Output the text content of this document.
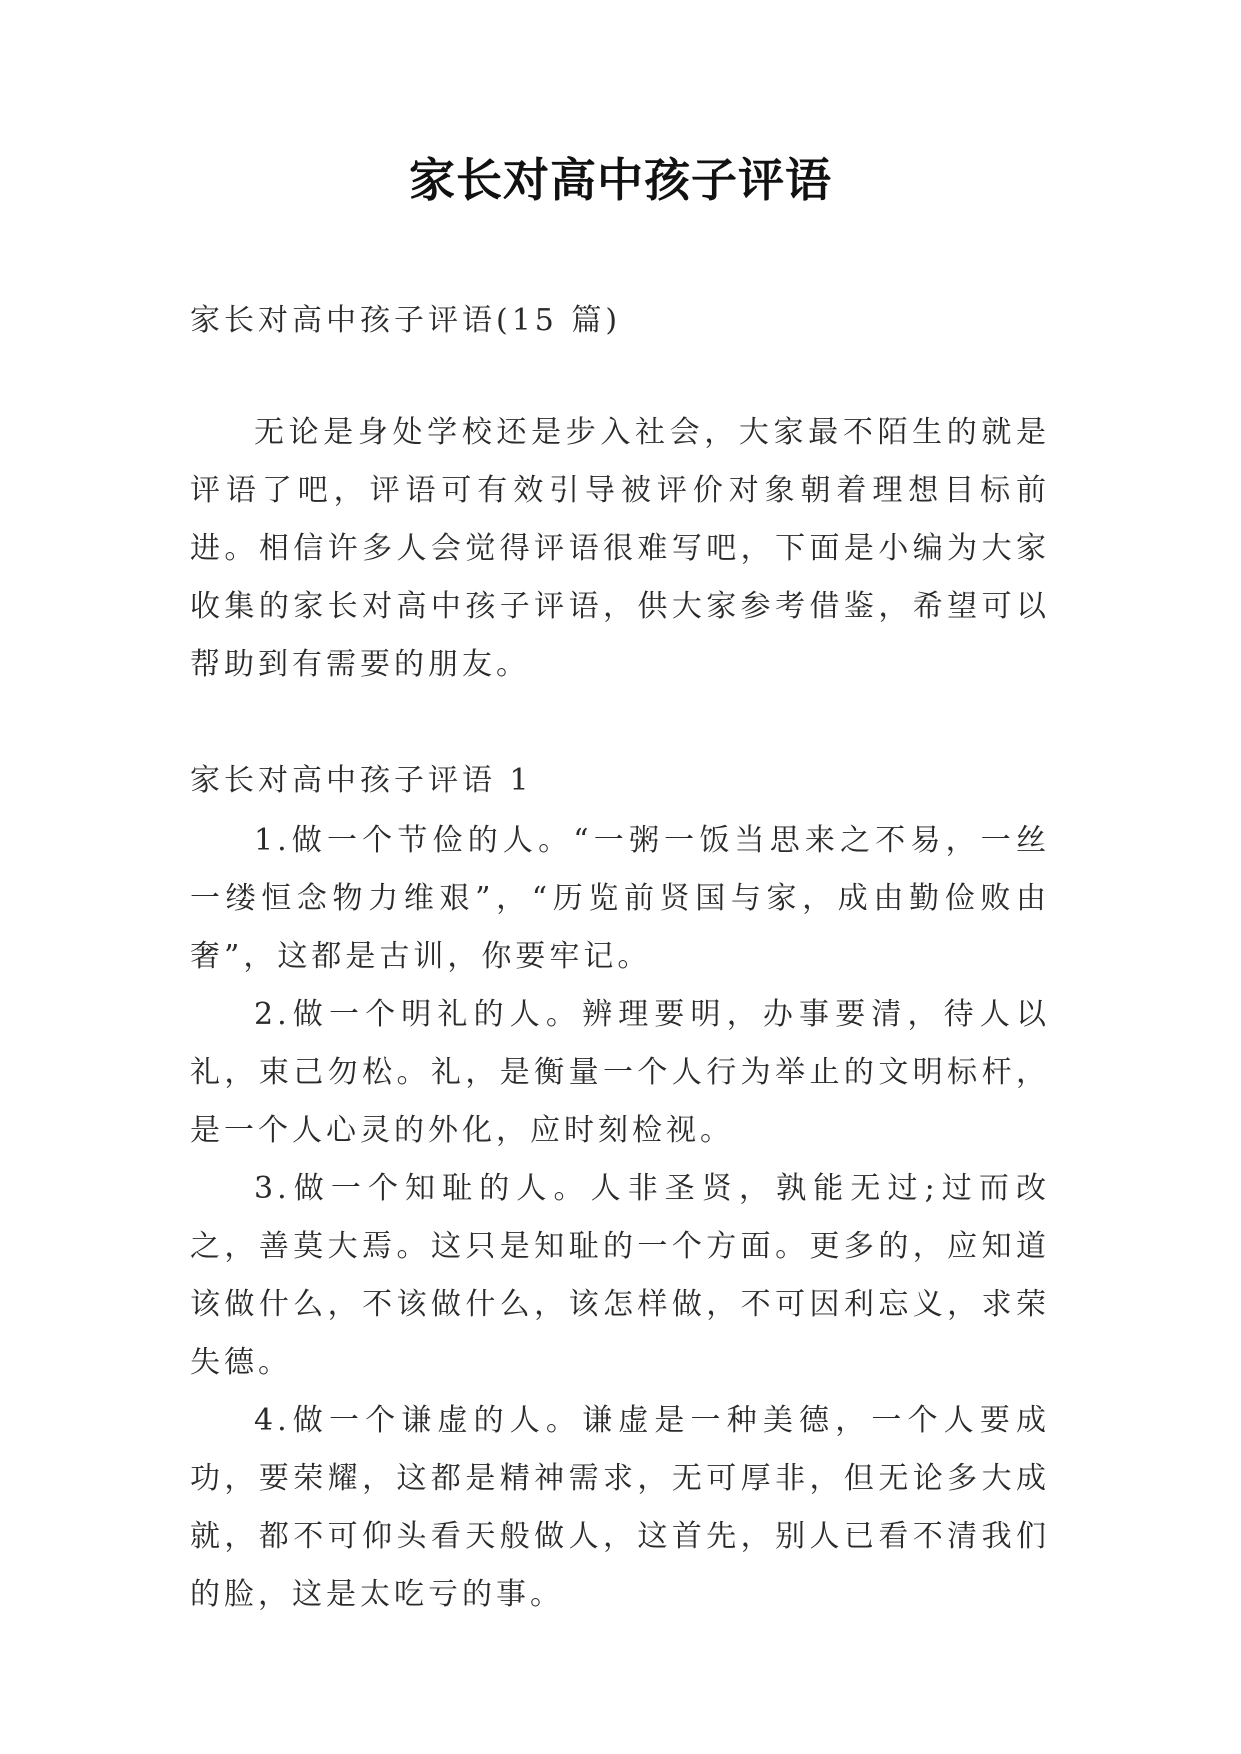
家长对高中孩子评语
家长对高中孩子评语(15 篇)

无论是身处学校还是步入社会，大家最不陌生的就是评语了吧，评语可有效引导被评价对象朝着理想目标前进。相信许多人会觉得评语很难写吧，下面是小编为大家收集的家长对高中孩子评语，供大家参考借鉴，希望可以帮助到有需要的朋友。

家长对高中孩子评语 1

1.做一个节俭的人。“一粥一饭当思来之不易，一丝一缕恒念物力维艰”，“历览前贤国与家，成由勤俭败由奢”，这都是古训，你要牢记。

2.做一个明礼的人。辨理要明，办事要清，待人以礼，束己勿松。礼，是衡量一个人行为举止的文明标杆，是一个人心灵的外化，应时刻检视。

3.做一个知耻的人。人非圣贤，孰能无过;过而改之，善莫大焉。这只是知耻的一个方面。更多的，应知道该做什么，不该做什么，该怎样做，不可因利忘义，求荣失德。

4.做一个谦虚的人。谦虚是一种美德，一个人要成功，要荣耀，这都是精神需求，无可厚非，但无论多大成就，都不可仰头看天般做人，这首先，别人已看不清我们的脸，这是太吃亏的事。
